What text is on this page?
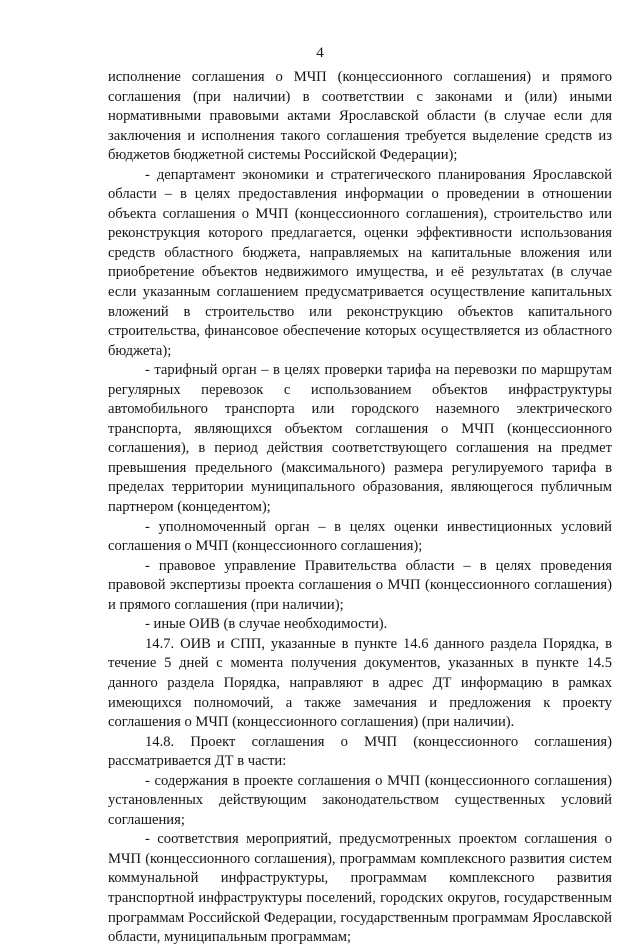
4

исполнение соглашения о МЧП (концессионного соглашения) и прямого соглашения (при наличии) в соответствии с законами и (или) иными нормативными правовыми актами Ярославской области (в случае если для заключения и исполнения такого соглашения требуется выделение средств из бюджетов бюджетной системы Российской Федерации);

- департамент экономики и стратегического планирования Ярославской области – в целях предоставления информации о проведении в отношении объекта соглашения о МЧП (концессионного соглашения), строительство или реконструкция которого предлагается, оценки эффективности использования средств областного бюджета, направляемых на капитальные вложения или приобретение объектов недвижимого имущества, и её результатах (в случае если указанным соглашением предусматривается осуществление капитальных вложений в строительство или реконструкцию объектов капитального строительства, финансовое обеспечение которых осуществляется из областного бюджета);

- тарифный орган – в целях проверки тарифа на перевозки по маршрутам регулярных перевозок с использованием объектов инфраструктуры автомобильного транспорта или городского наземного электрического транспорта, являющихся объектом соглашения о МЧП (концессионного соглашения), в период действия соответствующего соглашения на предмет превышения предельного (максимального) размера регулируемого тарифа в пределах территории муниципального образования, являющегося публичным партнером (концедентом);

- уполномоченный орган – в целях оценки инвестиционных условий соглашения о МЧП (концессионного соглашения);

- правовое управление Правительства области – в целях проведения правовой экспертизы проекта соглашения о МЧП (концессионного соглашения) и прямого соглашения (при наличии);

- иные ОИВ (в случае необходимости).

14.7. ОИВ и СПП, указанные в пункте 14.6 данного раздела Порядка, в течение 5 дней с момента получения документов, указанных в пункте 14.5 данного раздела Порядка, направляют в адрес ДТ информацию в рамках имеющихся полномочий, а также замечания и предложения к проекту соглашения о МЧП (концессионного соглашения) (при наличии).

14.8. Проект соглашения о МЧП (концессионного соглашения) рассматривается ДТ в части:

- содержания в проекте соглашения о МЧП (концессионного соглашения) установленных действующим законодательством существенных условий соглашения;

- соответствия мероприятий, предусмотренных проектом соглашения о МЧП (концессионного соглашения), программам комплексного развития систем коммунальной инфраструктуры, программам комплексного развития транспортной инфраструктуры поселений, городских округов, государственным программам Российской Федерации, государственным программам Ярославской области, муниципальным программам;
